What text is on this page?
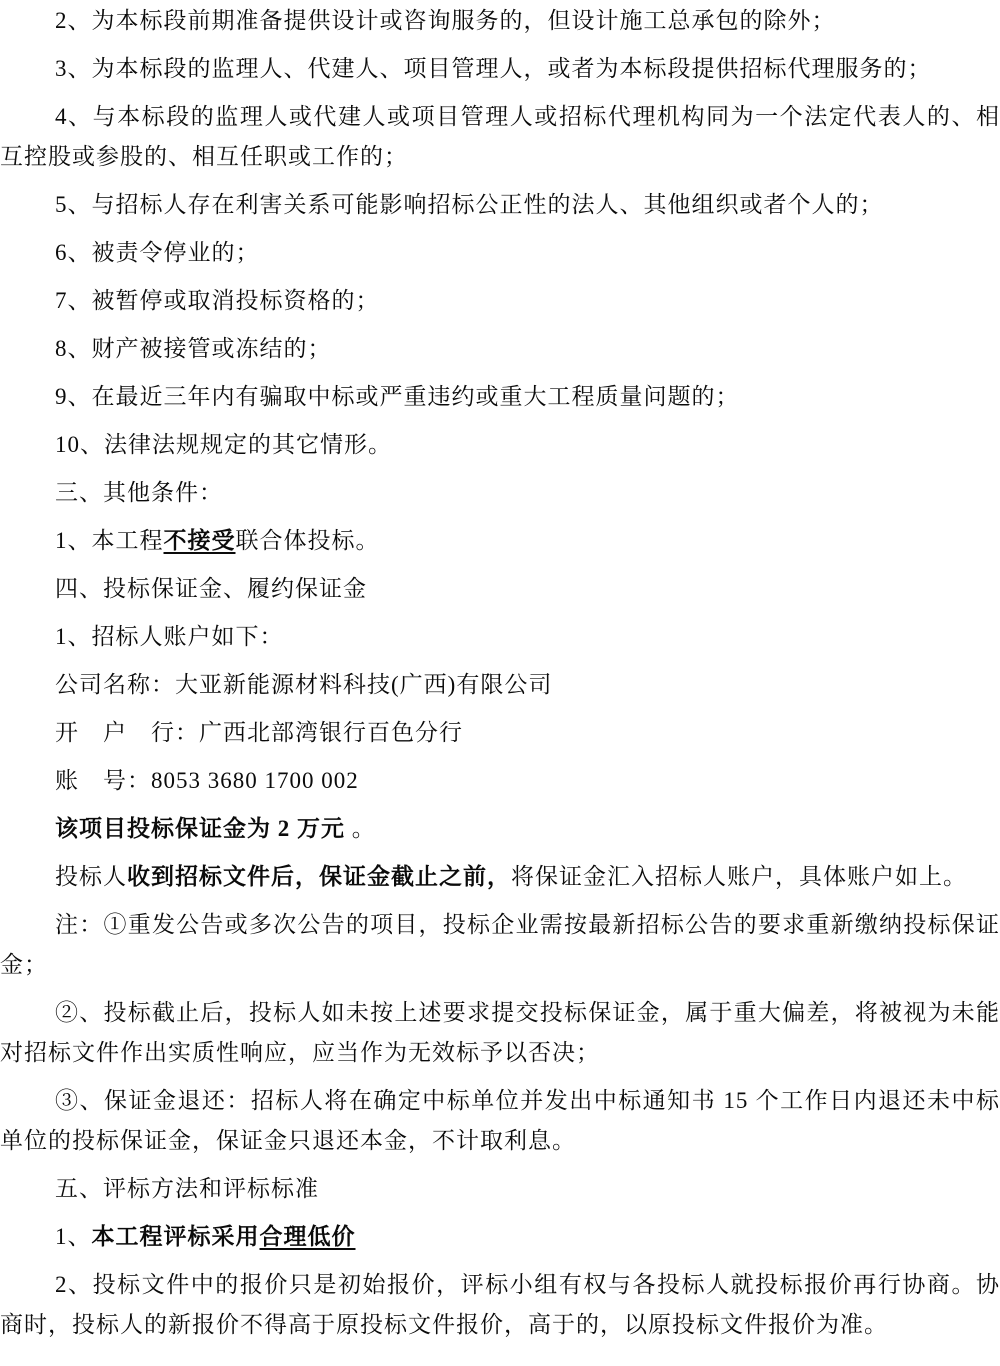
2、为本标段前期准备提供设计或咨询服务的，但设计施工总承包的除外；

3、为本标段的监理人、代建人、项目管理人，或者为本标段提供招标代理服务的；

4、与本标段的监理人或代建人或项目管理人或招标代理机构同为一个法定代表人的、相互控股或参股的、相互任职或工作的；

5、与招标人存在利害关系可能影响招标公正性的法人、其他组织或者个人的；

6、被责令停业的；

7、被暂停或取消投标资格的；

8、财产被接管或冻结的；

9、在最近三年内有骗取中标或严重违约或重大工程质量问题的；

10、法律法规规定的其它情形。

三、其他条件：

1、本工程不接受联合体投标。

四、投标保证金、履约保证金

1、招标人账户如下：

公司名称：大亚新能源材料科技(广西)有限公司

开　户　行：广西北部湾银行百色分行

账　号：8053 3680 1700 002

该项目投标保证金为 2 万元 。

投标人收到招标文件后，保证金截止之前，将保证金汇入招标人账户，具体账户如上。

注：①重发公告或多次公告的项目，投标企业需按最新招标公告的要求重新缴纳投标保证金；

②、投标截止后，投标人如未按上述要求提交投标保证金，属于重大偏差，将被视为未能对招标文件作出实质性响应，应当作为无效标予以否决；

③、保证金退还：招标人将在确定中标单位并发出中标通知书 15 个工作日内退还未中标单位的投标保证金，保证金只退还本金，不计取利息。

五、评标方法和评标标准

1、本工程评标采用合理低价

2、投标文件中的报价只是初始报价，评标小组有权与各投标人就投标报价再行协商。协商时，投标人的新报价不得高于原投标文件报价，高于的，以原投标文件报价为准。
